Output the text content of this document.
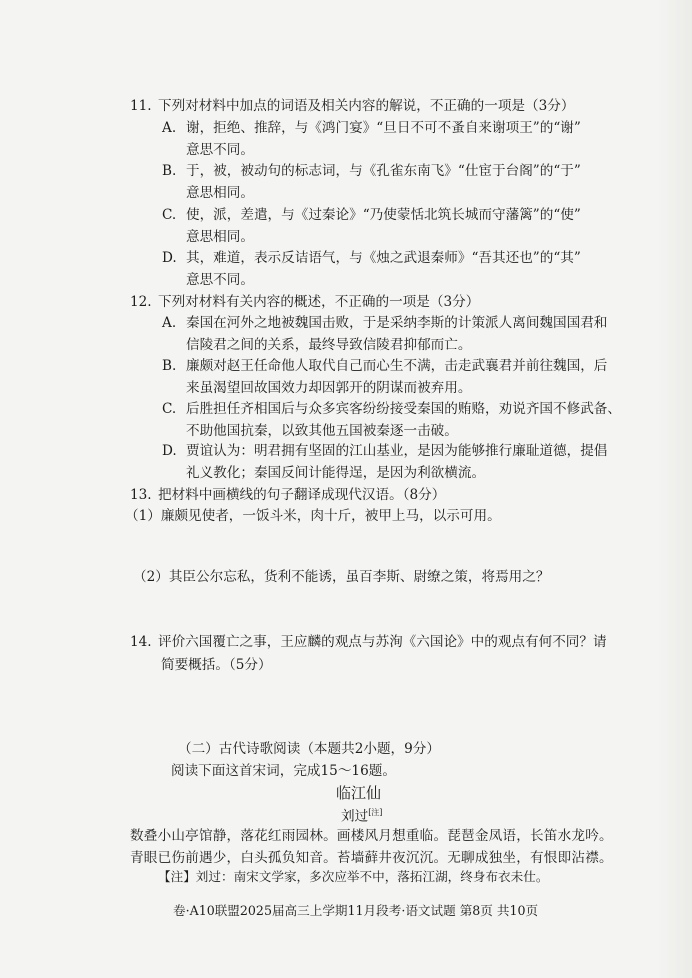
11. 下列对材料中加点的词语及相关内容的解说，不正确的一项是（3分）
A. 谢，拒绝、推辞，与《鸿门宴》“旦日不可不蚤自来谢项王”的“谢”
意思不同。
B. 于，被，被动句的标志词，与《孔雀东南飞》“仕宦于台阁”的“于”
意思相同。
C. 使，派，差遣，与《过秦论》“乃使蒙恬北筑长城而守藩篱”的“使”
意思相同。
D. 其，难道，表示反诘语气，与《烛之武退秦师》“吾其还也”的“其”
意思不同。
12. 下列对材料有关内容的概述，不正确的一项是（3分）
A. 秦国在河外之地被魏国击败，于是采纳李斯的计策派人离间魏国国君和
信陵君之间的关系，最终导致信陵君抑郁而亡。
B. 廉颇对赵王任命他人取代自己而心生不满，击走武襄君并前往魏国，后
来虽渴望回故国效力却因郭开的阴谋而被弃用。
C. 后胜担任齐相国后与众多宾客纷纷接受秦国的贿赂，劝说齐国不修武备、
不助他国抗秦，以致其他五国被秦逐一击破。
D. 贾谊认为：明君拥有坚固的江山基业，是因为能够推行廉耻道德，提倡
礼义教化；秦国反间计能得逞，是因为利欲横流。
13. 把材料中画横线的句子翻译成现代汉语。（8分）
（1）廉颇见使者，一饭斗米，肉十斤，被甲上马，以示可用。
（2）其臣公尔忘私，货利不能诱，虽百李斯、尉缭之策，将焉用之？
14. 评价六国覆亡之事，王应麟的观点与苏洵《六国论》中的观点有何不同？请
简要概括。（5分）
（二）古代诗歌阅读（本题共2小题，9分）
阅读下面这首宋词，完成15～16题。
临江仙
刘过[注]
数叠小山亭馆静，落花红雨园林。画楼风月想重临。琵琶金凤语，长笛水龙吟。
青眼已伤前遇少，白头孤负知音。苔墙藓井夜沉沉。无聊成独坐，有恨即沾襟。
【注】刘过：南宋文学家，多次应举不中，落拓江湖，终身布衣未仕。
卷·A10联盟2025届高三上学期11月段考·语文试题 第8页 共10页
